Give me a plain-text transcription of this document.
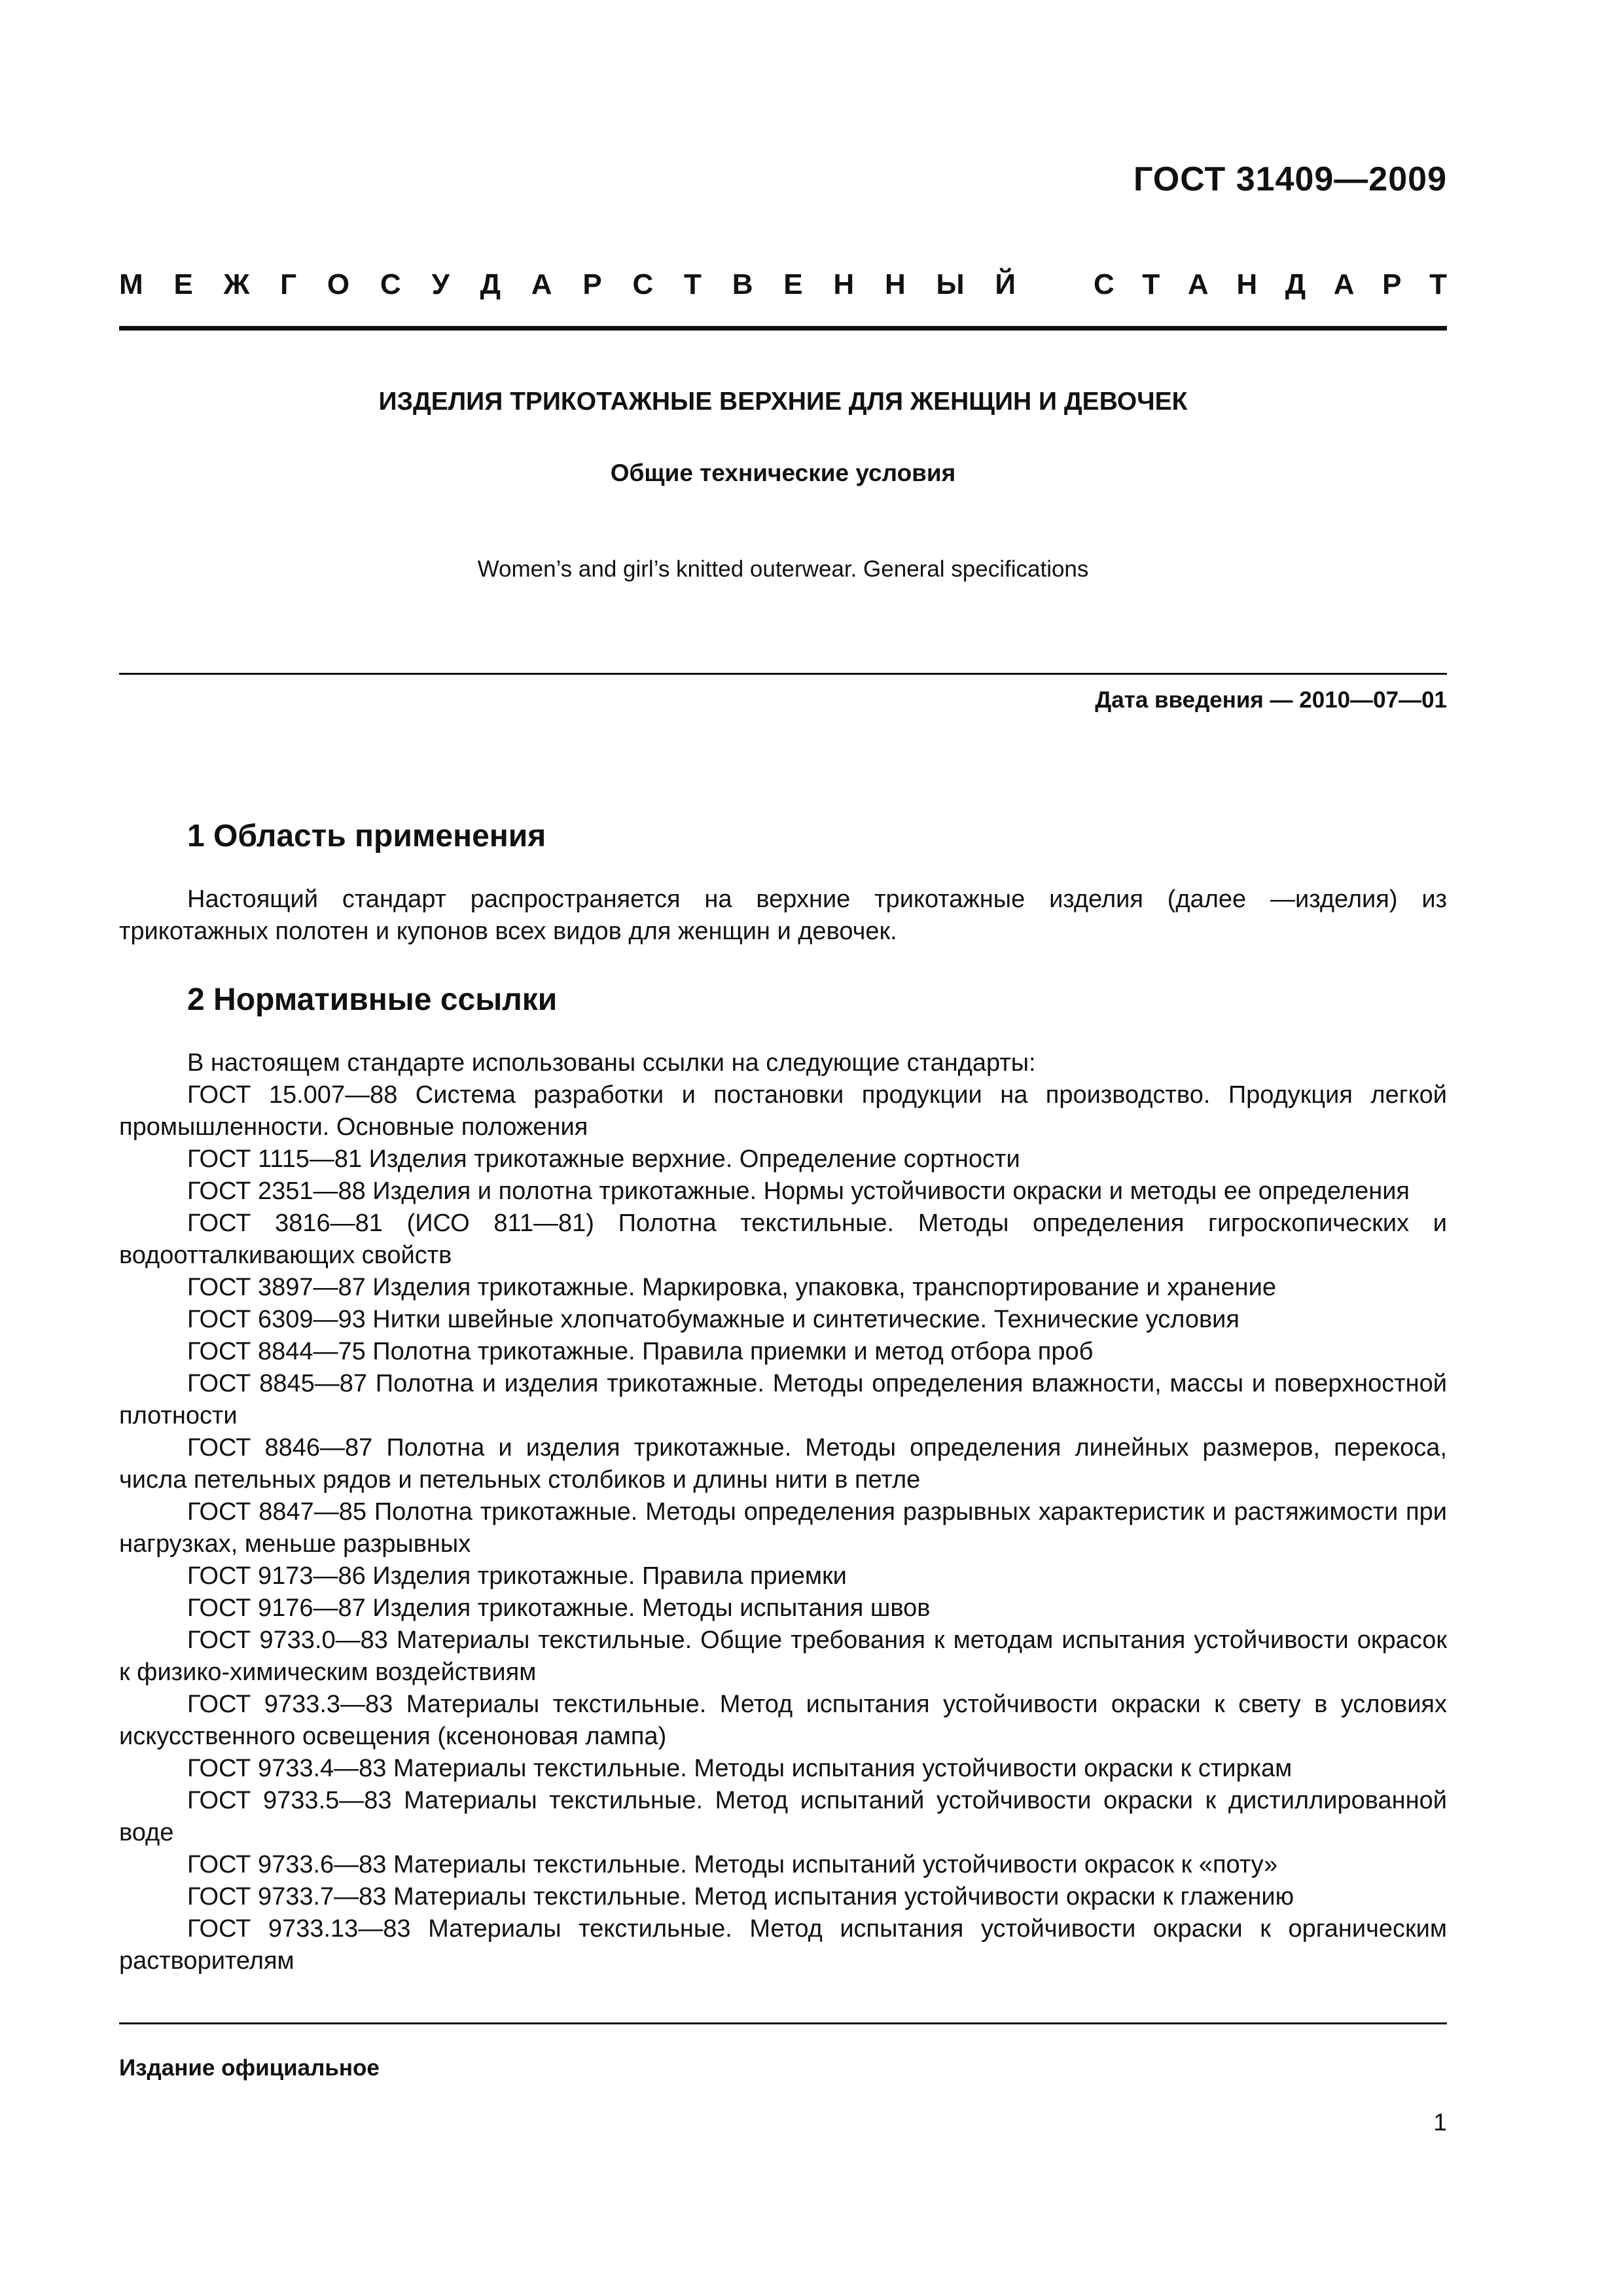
ГОСТ 31409—2009
М Е Ж Г О С У Д А Р С Т В Е Н Н Ы Й	С Т А Н Д А Р Т
ИЗДЕЛИЯ ТРИКОТАЖНЫЕ ВЕРХНИЕ ДЛЯ ЖЕНЩИН И ДЕВОЧЕК
Общие технические условия
Women’s and girl’s knitted outerwear. General specifications
Дата введения — 2010—07—01
1 Область применения

Настоящий стандарт распространяется на верхние трикотажные изделия (далее —изделия) из трикотажных полотен и купонов всех видов для женщин и девочек.

2 Нормативные ссылки

В настоящем стандарте использованы ссылки на следующие стандарты:

ГОСТ 15.007—88 Система разработки и постановки продукции на производство. Продукция легкой промышленности. Основные положения

ГОСТ 1115—81 Изделия трикотажные верхние. Определение сортности

ГОСТ 2351—88 Изделия и полотна трикотажные. Нормы устойчивости окраски и методы ее определения

ГОСТ 3816—81 (ИСО 811—81) Полотна текстильные. Методы определения гигроскопических и водоотталкивающих свойств

ГОСТ 3897—87 Изделия трикотажные. Маркировка, упаковка, транспортирование и хранение

ГОСТ 6309—93 Нитки швейные хлопчатобумажные и синтетические. Технические условия

ГОСТ 8844—75 Полотна трикотажные. Правила приемки и метод отбора проб

ГОСТ 8845—87 Полотна и изделия трикотажные. Методы определения влажности, массы и поверхностной плотности

ГОСТ 8846—87 Полотна и изделия трикотажные. Методы определения линейных размеров, перекоса, числа петельных рядов и петельных столбиков и длины нити в петле

ГОСТ 8847—85 Полотна трикотажные. Методы определения разрывных характеристик и растяжимости при нагрузках, меньше разрывных

ГОСТ 9173—86 Изделия трикотажные. Правила приемки

ГОСТ 9176—87 Изделия трикотажные. Методы испытания швов

ГОСТ 9733.0—83 Материалы текстильные. Общие требования к методам испытания устойчивости окрасок к физико-химическим воздействиям

ГОСТ 9733.3—83 Материалы текстильные. Метод испытания устойчивости окраски к свету в условиях искусственного освещения (ксеноновая лампа)

ГОСТ 9733.4—83 Материалы текстильные. Методы испытания устойчивости окраски к стиркам

ГОСТ 9733.5—83 Материалы текстильные. Метод испытаний устойчивости окраски к дистиллированной воде

ГОСТ 9733.6—83 Материалы текстильные. Методы испытаний устойчивости окрасок к «поту»

ГОСТ 9733.7—83 Материалы текстильные. Метод испытания устойчивости окраски к глажению

ГОСТ 9733.13—83 Материалы текстильные. Метод испытания устойчивости окраски к органическим растворителям

Издание официальное
1
